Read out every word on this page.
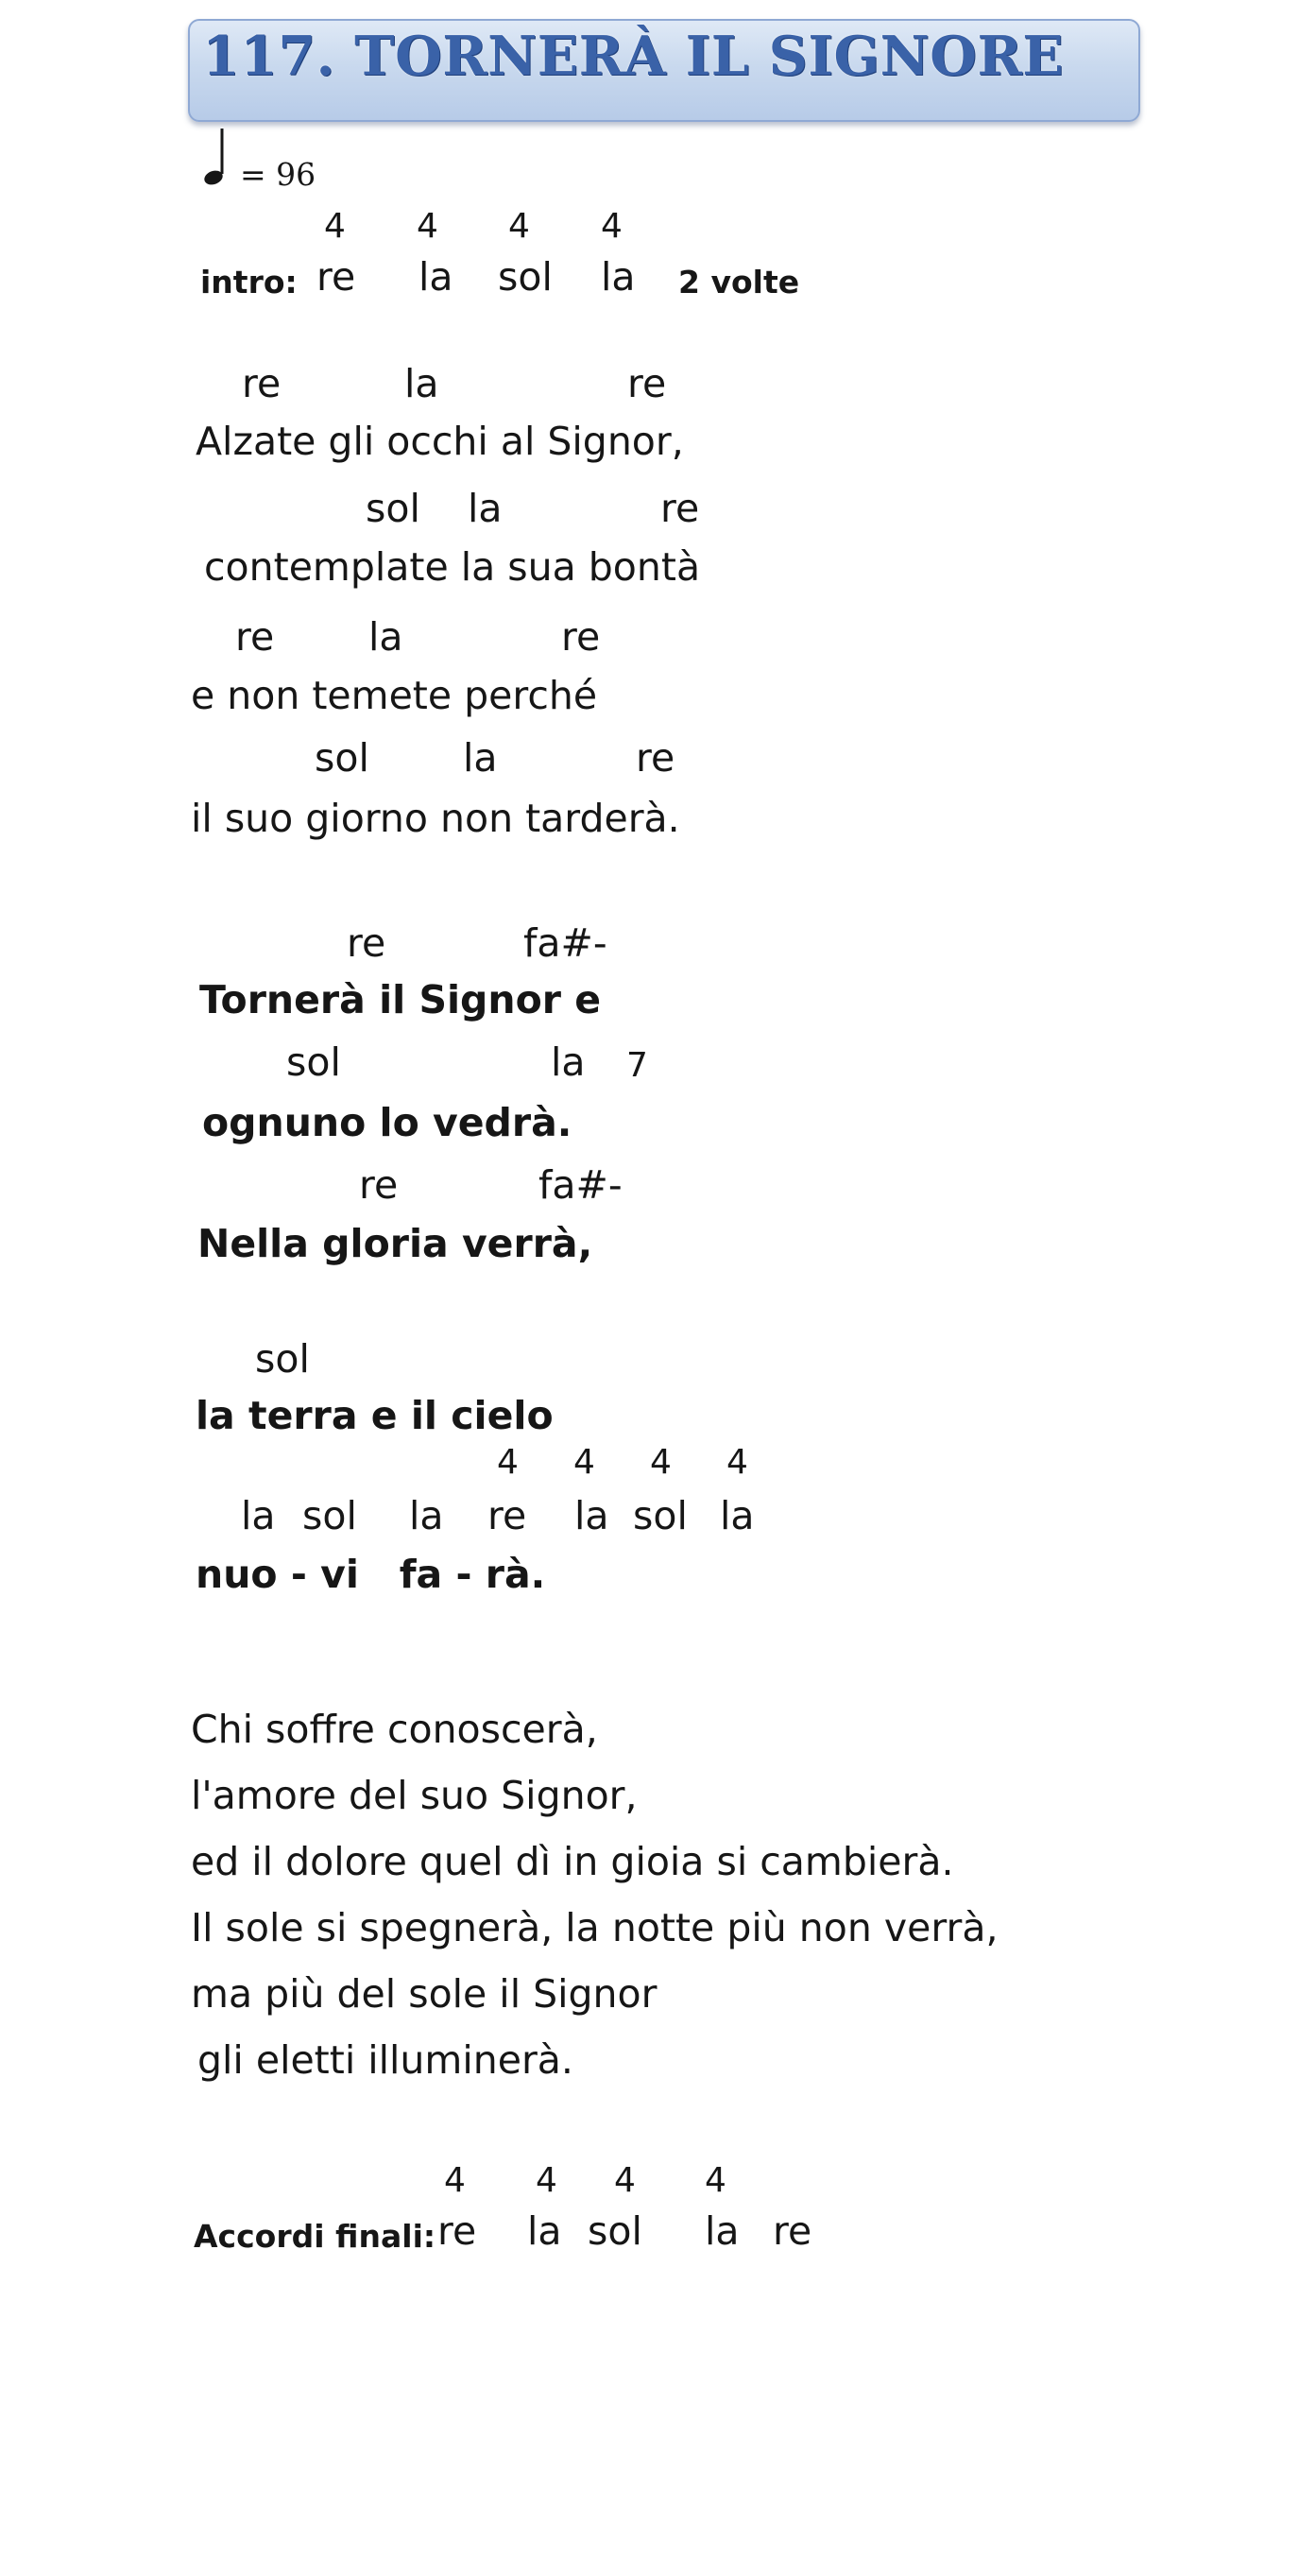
117. TORNERÀ IL SIGNORE
= 96
4 4 4 4
intro: re la sol la 2 volte
re	la	re
Alzate gli occhi al Signor,
sol la	re
contemplate la sua bontà
re la	re
e non temete perché
sol la	re
il suo giorno non tarderà.
re	fa#-
Tornerà il Signor e
sol	la 7
ognuno lo vedrà.
re	fa#-
Nella gloria verrà,
sol
la terra e il cielo
4 4 4 4
la sol la re la sol la
nuo - vi   fa - rà.
Chi soffre conoscerà,
l'amore del suo Signor,
ed il dolore quel dì in gioia si cambierà.
Il sole si spegnerà, la notte più non verrà,
ma più del sole il Signor
gli eletti illuminerà.
4 4 4 4
Accordi finali: re la sol la re
